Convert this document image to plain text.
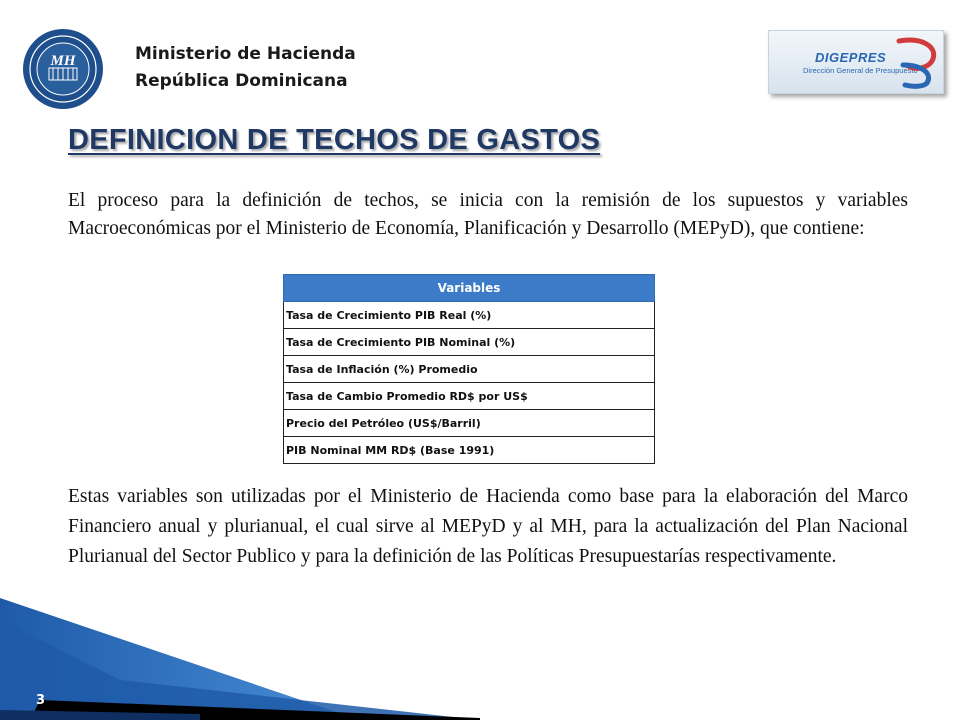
MH	Ministerio de Hacienda
República Dominicana
DIGEPRES
Dirección General de Presupuesto
DEFINICION DE TECHOS DE GASTOS
El proceso para la definición de techos, se inicia con la remisión de los supuestos y variables Macroeconómicas por el Ministerio de Economía, Planificación y Desarrollo (MEPyD), que contiene:
Variables
Tasa de Crecimiento PIB Real (%)
Tasa de Crecimiento PIB Nominal (%)
Tasa de Inflación (%) Promedio
Tasa de Cambio Promedio RD$ por US$
Precio del Petróleo (US$/Barril)
PIB Nominal MM RD$ (Base 1991)
Estas variables son utilizadas por el Ministerio de Hacienda como base para la elaboración del Marco Financiero anual y plurianual, el cual sirve al MEPyD y al MH, para la actualización del Plan Nacional Plurianual del Sector Publico y para la definición de las Políticas Presupuestarías respectivamente.
3
